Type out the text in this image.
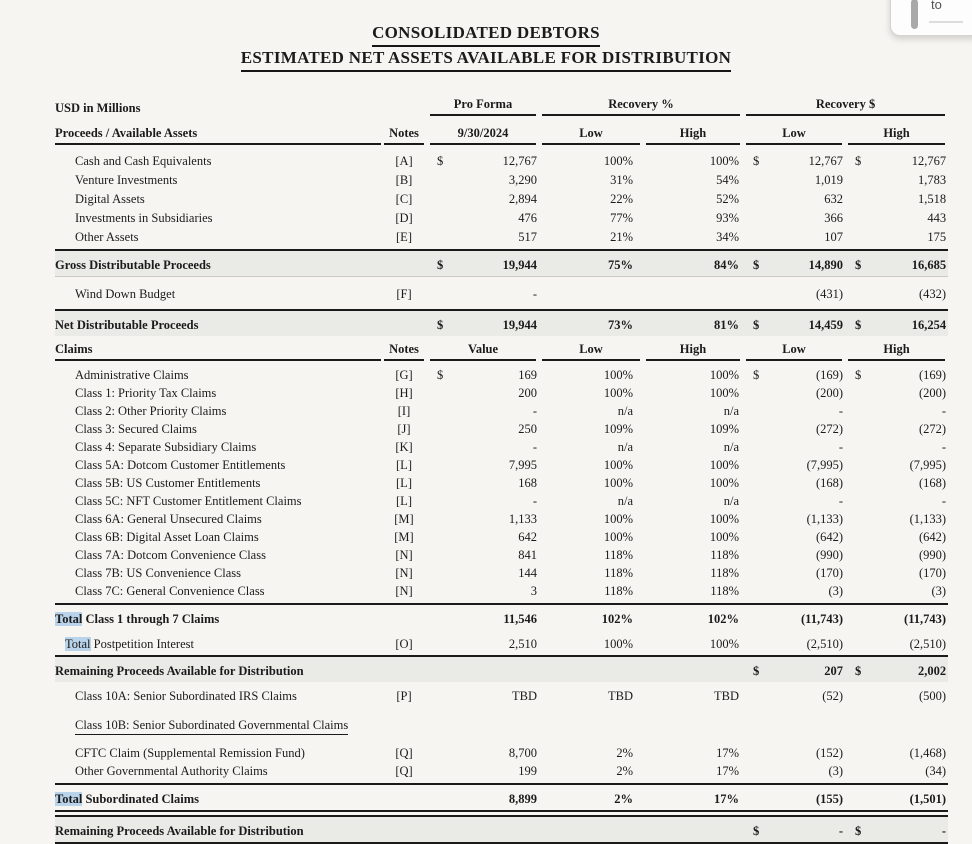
to
CONSOLIDATED DEBTORS
ESTIMATED NET ASSETS AVAILABLE FOR DISTRIBUTION
USD in Millions		Pro Forma		Recovery %		Recovery $			

Proceeds / Available Assets	Notes	9/30/2024		Low	High	Low		High	

Cash and Cash Equivalents	[A]	$	12,767	100%	100%	$	12,767	$	12,767
Venture Investments	[B]		3,290	31%	54%		1,019		1,783
Digital Assets	[C]		2,894	22%	52%		632		1,518
Investments in Subsidiaries	[D]		476	77%	93%		366		443
Other Assets	[E]		517	21%	34%		107		175
Gross Distributable Proceeds		$	19,944	75%	84%	$	14,890	$	16,685
Wind Down Budget	[F]		-				(431)		(432)
Net Distributable Proceeds		$	19,944	73%	81%	$	14,459	$	16,254

Claims	Notes	Value		Low	High	Low		High	

Administrative Claims	[G]	$	169	100%	100%	$	(169)	$	(169)
Class 1: Priority Tax Claims	[H]		200	100%	100%		(200)		(200)
Class 2: Other Priority Claims	[I]		-	n/a	n/a		-		-
Class 3: Secured Claims	[J]		250	109%	109%		(272)		(272)
Class 4: Separate Subsidiary Claims	[K]		-	n/a	n/a		-		-
Class 5A: Dotcom Customer Entitlements	[L]		7,995	100%	100%		(7,995)		(7,995)
Class 5B: US Customer Entitlements	[L]		168	100%	100%		(168)		(168)
Class 5C: NFT Customer Entitlement Claims	[L]		-	n/a	n/a		-		-
Class 6A: General Unsecured Claims	[M]		1,133	100%	100%		(1,133)		(1,133)
Class 6B: Digital Asset Loan Claims	[M]		642	100%	100%		(642)		(642)
Class 7A: Dotcom Convenience Class	[N]		841	118%	118%		(990)		(990)
Class 7B: US Convenience Class	[N]		144	118%	118%		(170)		(170)
Class 7C: General Convenience Class	[N]		3	118%	118%		(3)		(3)
Total Class 1 through 7 Claims			11,546	102%	102%		(11,743)		(11,743)
Total Postpetition Interest	[O]		2,510	100%	100%		(2,510)		(2,510)
Remaining Proceeds Available for Distribution						$	207	$	2,002
Class 10A: Senior Subordinated IRS Claims	[P]		TBD	TBD	TBD		(52)		(500)
Class 10B: Senior Subordinated Governmental Claims									
CFTC Claim (Supplemental Remission Fund)	[Q]		8,700	2%	17%		(152)		(1,468)
Other Governmental Authority Claims	[Q]		199	2%	17%		(3)		(34)
Total Subordinated Claims			8,899	2%	17%		(155)		(1,501)

Remaining Proceeds Available for Distribution						$	-	$	-
